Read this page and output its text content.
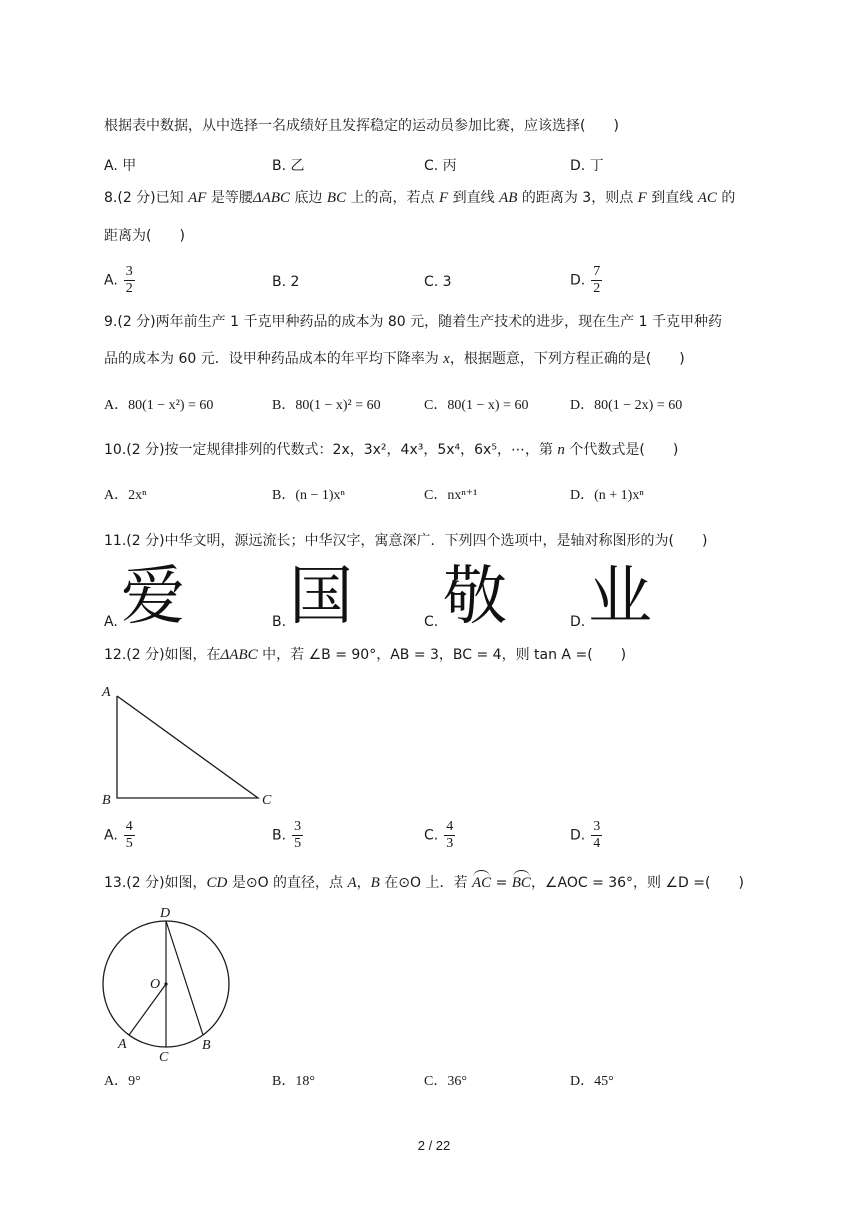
根据表中数据，从中选择一名成绩好且发挥稳定的运动员参加比赛，应该选择(　　)
A. 甲	B. 乙	C. 丙	D. 丁
8.(2 分)已知 AF 是等腰ΔABC 底边 BC 上的高，若点 F 到直线 AB 的距离为 3，则点 F 到直线 AC 的
距离为(　　)
A. $\frac{3}{2}$	B. 2	C. 3	D. $\frac{7}{2}$
9.(2 分)两年前生产 1 千克甲种药品的成本为 80 元，随着生产技术的进步，现在生产 1 千克甲种药
品的成本为 60 元．设甲种药品成本的年平均下降率为 x，根据题意，下列方程正确的是(　　)
A．80(1 − x²) = 60	B．80(1 − x)² = 60	C．80(1 − x) = 60	D．80(1 − 2x) = 60
10.(2 分)按一定规律排列的代数式：2x，3x²，4x³，5x⁴，6x⁵，⋯，第 n 个代数式是(　　)
A．2xⁿ	B．(n − 1)xⁿ	C．nxⁿ⁺¹	D．(n + 1)xⁿ
11.(2 分)中华文明，源远流长；中华汉字，寓意深广．下列四个选项中，是轴对称图形的为(　　)
A. 爱	B. 国	C. 敬	D. 业
12.(2 分)如图，在ΔABC 中，若 ∠B = 90°，AB = 3，BC = 4，则 tan A =(　　)
A
B	C
A. $\frac{4}{5}$	B. $\frac{3}{5}$	C. $\frac{4}{3}$	D. $\frac{3}{4}$
13.(2 分)如图，CD 是⊙O 的直径，点 A，B 在⊙O 上．若 AC = BC，∠AOC = 36°，则 ∠D =(　　)
D
O
A
C
B
A．9°	B．18°	C．36°	D．45°
2 / 22
